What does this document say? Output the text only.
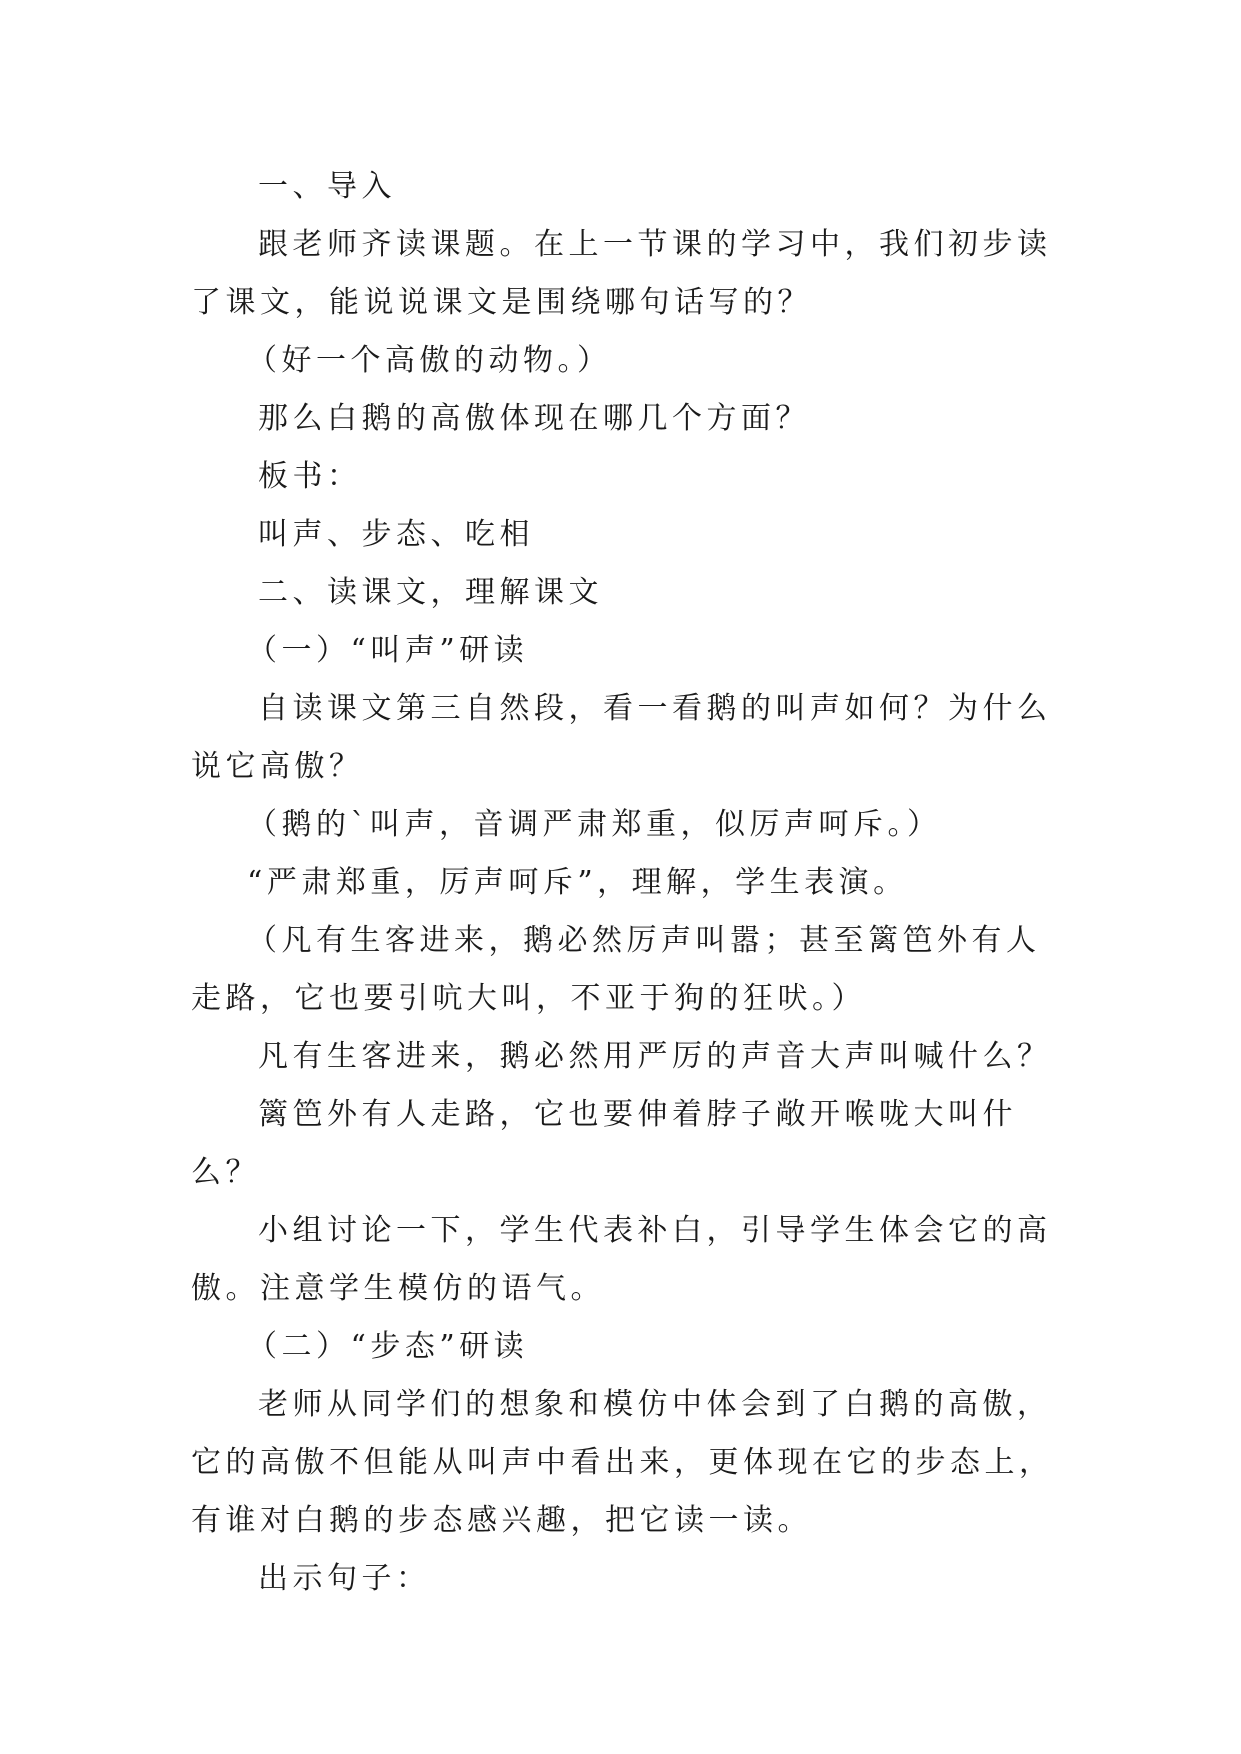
一、导入

跟老师齐读课题。在上一节课的学习中，我们初步读了课文，能说说课文是围绕哪句话写的？

（好一个高傲的动物。）

那么白鹅的高傲体现在哪几个方面？

板书：

叫声、步态、吃相

二、读课文，理解课文

（一）“叫声”研读

自读课文第三自然段，看一看鹅的叫声如何？为什么说它高傲？

（鹅的`叫声，音调严肃郑重，似厉声呵斥。）

“严肃郑重，厉声呵斥”，理解，学生表演。

（凡有生客进来，鹅必然厉声叫嚣；甚至篱笆外有人走路，它也要引吭大叫，不亚于狗的狂吠。）

凡有生客进来，鹅必然用严厉的声音大声叫喊什么？

篱笆外有人走路，它也要伸着脖子敞开喉咙大叫什么？

小组讨论一下，学生代表补白，引导学生体会它的高傲。注意学生模仿的语气。

（二）“步态”研读

老师从同学们的想象和模仿中体会到了白鹅的高傲，它的高傲不但能从叫声中看出来，更体现在它的步态上，有谁对白鹅的步态感兴趣，把它读一读。

出示句子：
